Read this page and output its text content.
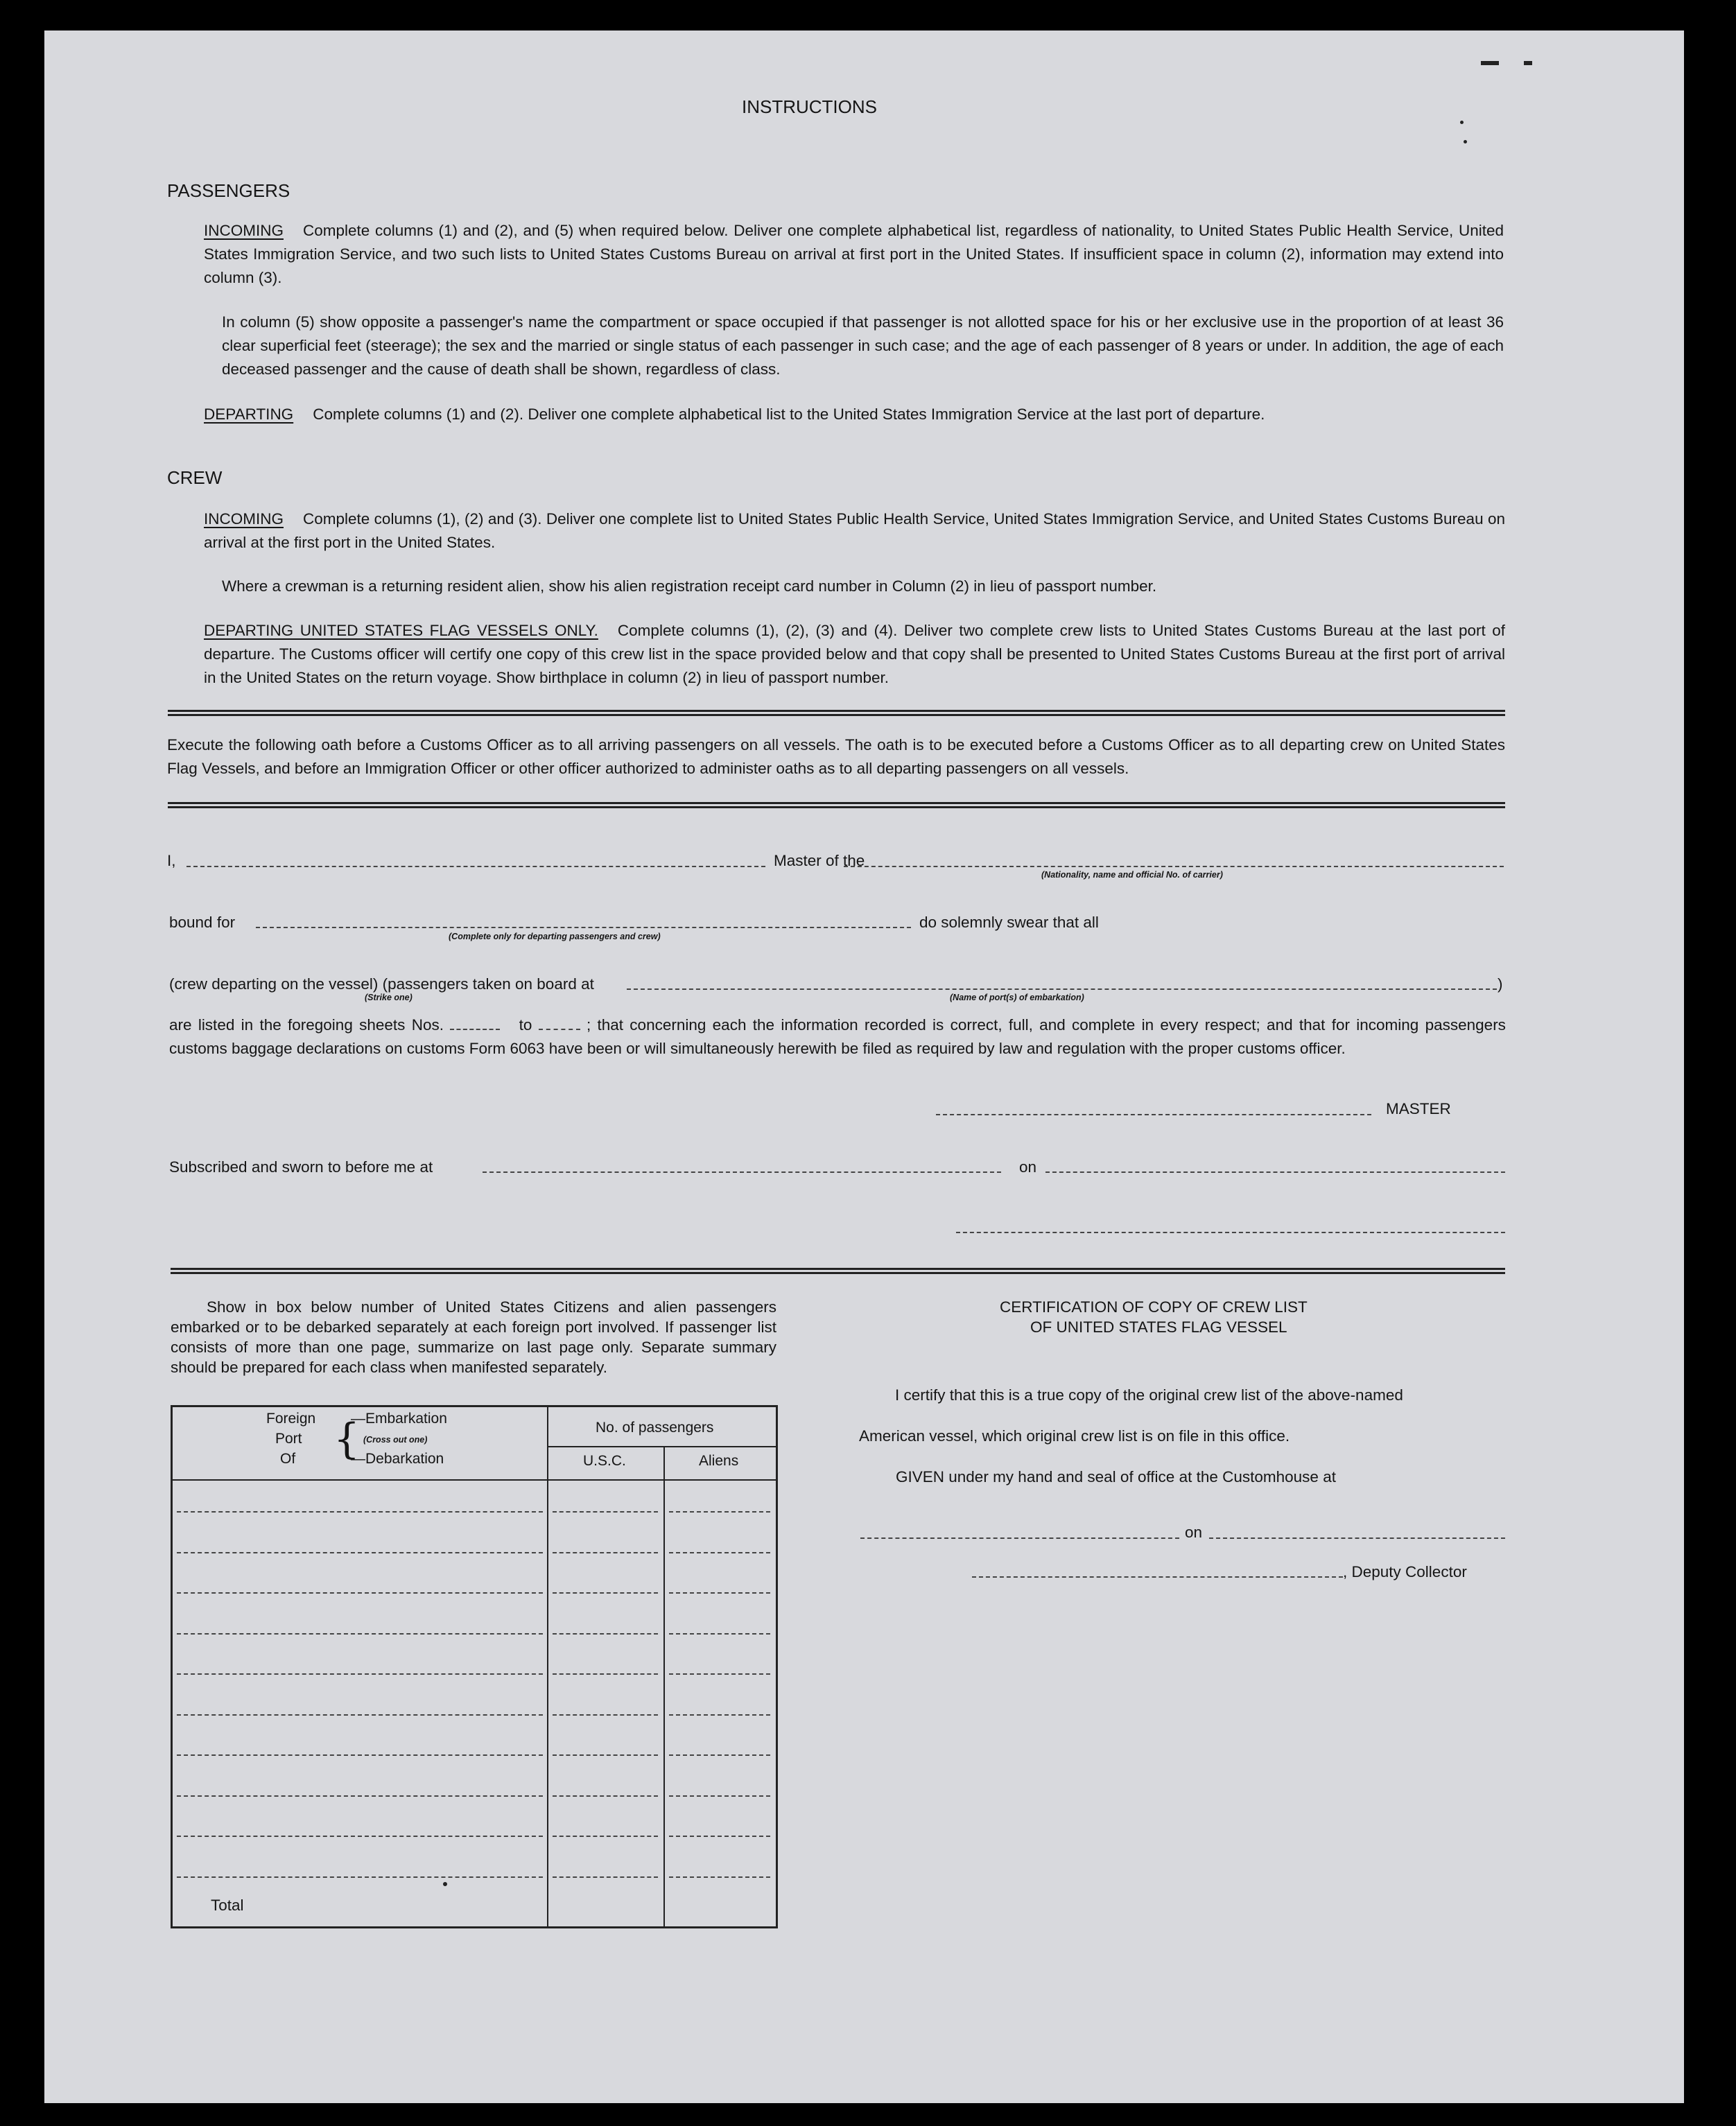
INSTRUCTIONS
PASSENGERS
INCOMING Complete columns (1) and (2), and (5) when required below. Deliver one complete alphabetical list, regardless of nationality, to United States Public Health Service, United States Immigration Service, and two such lists to United States Customs Bureau on arrival at first port in the United States. If insufficient space in column (2), information may extend into column (3).
In column (5) show opposite a passenger's name the compartment or space occupied if that passenger is not allotted space for his or her exclusive use in the proportion of at least 36 clear superficial feet (steerage); the sex and the married or single status of each passenger in such case; and the age of each passenger of 8 years or under. In addition, the age of each deceased passenger and the cause of death shall be shown, regardless of class.
DEPARTING Complete columns (1) and (2). Deliver one complete alphabetical list to the United States Immigration Service at the last port of departure.
CREW
INCOMING Complete columns (1), (2) and (3). Deliver one complete list to United States Public Health Service, United States Immigration Service, and United States Customs Bureau on arrival at the first port in the United States.
Where a crewman is a returning resident alien, show his alien registration receipt card number in Column (2) in lieu of passport number.
DEPARTING UNITED STATES FLAG VESSELS ONLY. Complete columns (1), (2), (3) and (4). Deliver two complete crew lists to United States Customs Bureau at the last port of departure. The Customs officer will certify one copy of this crew list in the space provided below and that copy shall be presented to United States Customs Bureau at the first port of arrival in the United States on the return voyage. Show birthplace in column (2) in lieu of passport number.
Execute the following oath before a Customs Officer as to all arriving passengers on all vessels. The oath is to be executed before a Customs Officer as to all departing crew on United States Flag Vessels, and before an Immigration Officer or other officer authorized to administer oaths as to all departing passengers on all vessels.
I,	Master of the
(Nationality, name and official No. of carrier)
bound for
(Complete only for departing passengers and crew)
do solemnly swear that all
(crew departing on the vessel) (passengers taken on board at	)
(Strike one)	(Name of port(s) of embarkation)
are listed in the foregoing sheets Nos.	to	; that concerning each the information recorded is correct, full, and complete in every respect; and that for incoming passengers customs baggage declarations on customs Form 6063 have been or will simultaneously herewith be filed as required by law and regulation with the proper customs officer.
MASTER
Subscribed and sworn to before me at	on
Show in box below number of United States Citizens and alien passengers embarked or to be debarked separately at each foreign port involved. If passenger list consists of more than one page, summarize on last page only. Separate summary should be prepared for each class when manifested separately.
Foreign
Port
Of {
—Embarkation
(Cross out one)
—Debarkation
No. of passengers
U.S.C.	Aliens
Total
CERTIFICATION OF COPY OF CREW LIST
OF UNITED STATES FLAG VESSEL
I certify that this is a true copy of the original crew list of the above-named
American vessel, which original crew list is on file in this office.
GIVEN under my hand and seal of office at the Customhouse at
on
, Deputy Collector
